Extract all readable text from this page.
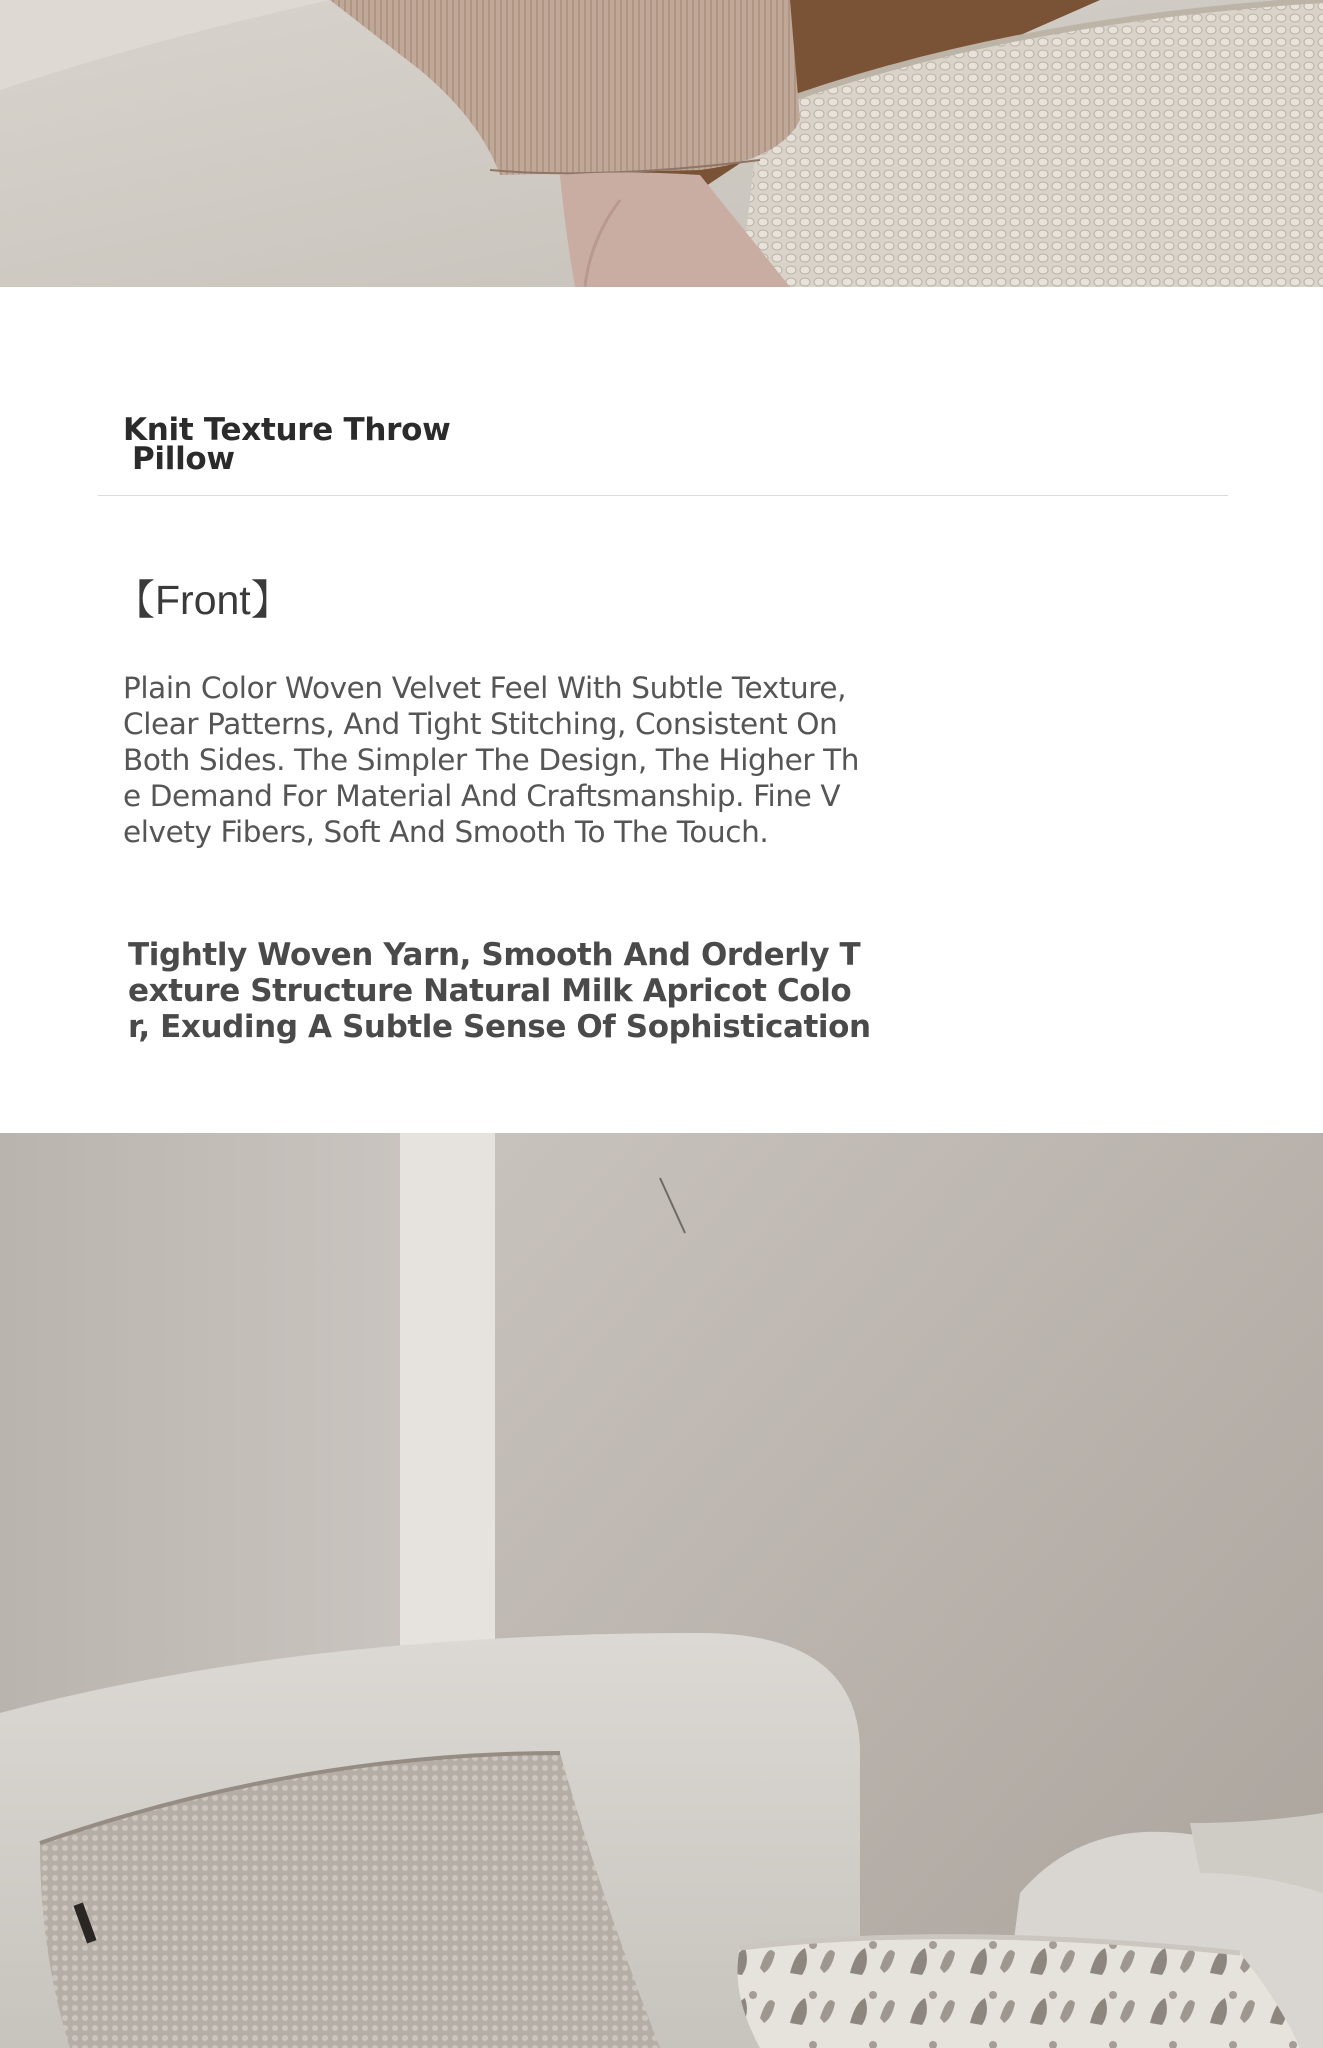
Knit Texture Throw
Pillow
【Front】

Plain Color Woven Velvet Feel With Subtle Texture,
Clear Patterns, And Tight Stitching, Consistent On
Both Sides. The Simpler The Design, The Higher Th
e Demand For Material And Craftsmanship. Fine V
elvety Fibers, Soft And Smooth To The Touch.

Tightly Woven Yarn, Smooth And Orderly T
exture Structure Natural Milk Apricot Colo
r, Exuding A Subtle Sense Of Sophistication
